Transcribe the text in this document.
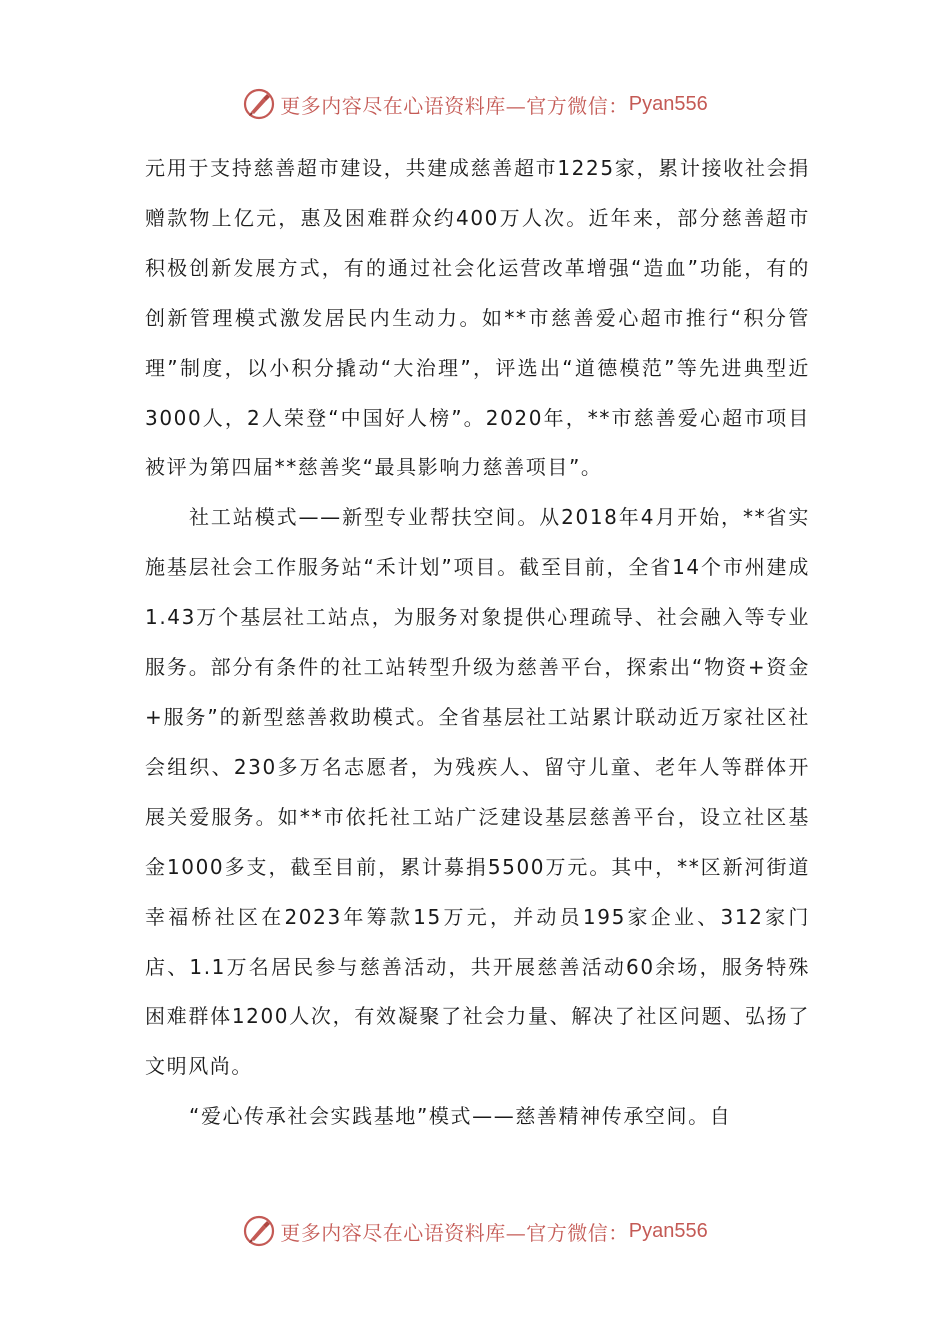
更多内容尽在心语资料库—官方微信： Pyan556

元用于支持慈善超市建设，共建成慈善超市1225家，累计接收社会捐赠款物上亿元，惠及困难群众约400万人次。近年来，部分慈善超市积极创新发展方式，有的通过社会化运营改革增强“造血”功能，有的创新管理模式激发居民内生动力。如**市慈善爱心超市推行“积分管理”制度，以小积分撬动“大治理”，评选出“道德模范”等先进典型近3000人，2人荣登“中国好人榜”。2020年，**市慈善爱心超市项目被评为第四届**慈善奖“最具影响力慈善项目”。

社工站模式——新型专业帮扶空间。从2018年4月开始，**省实施基层社会工作服务站“禾计划”项目。截至目前，全省14个市州建成1.43万个基层社工站点，为服务对象提供心理疏导、社会融入等专业服务。部分有条件的社工站转型升级为慈善平台，探索出“物资+资金+服务”的新型慈善救助模式。全省基层社工站累计联动近万家社区社会组织、230多万名志愿者，为残疾人、留守儿童、老年人等群体开展关爱服务。如**市依托社工站广泛建设基层慈善平台，设立社区基金1000多支，截至目前，累计募捐5500万元。其中，**区新河街道幸福桥社区在2023年筹款15万元，并动员195家企业、312家门店、1.1万名居民参与慈善活动，共开展慈善活动60余场，服务特殊困难群体1200人次，有效凝聚了社会力量、解决了社区问题、弘扬了文明风尚。

“爱心传承社会实践基地”模式——慈善精神传承空间。自

更多内容尽在心语资料库—官方微信： Pyan556
